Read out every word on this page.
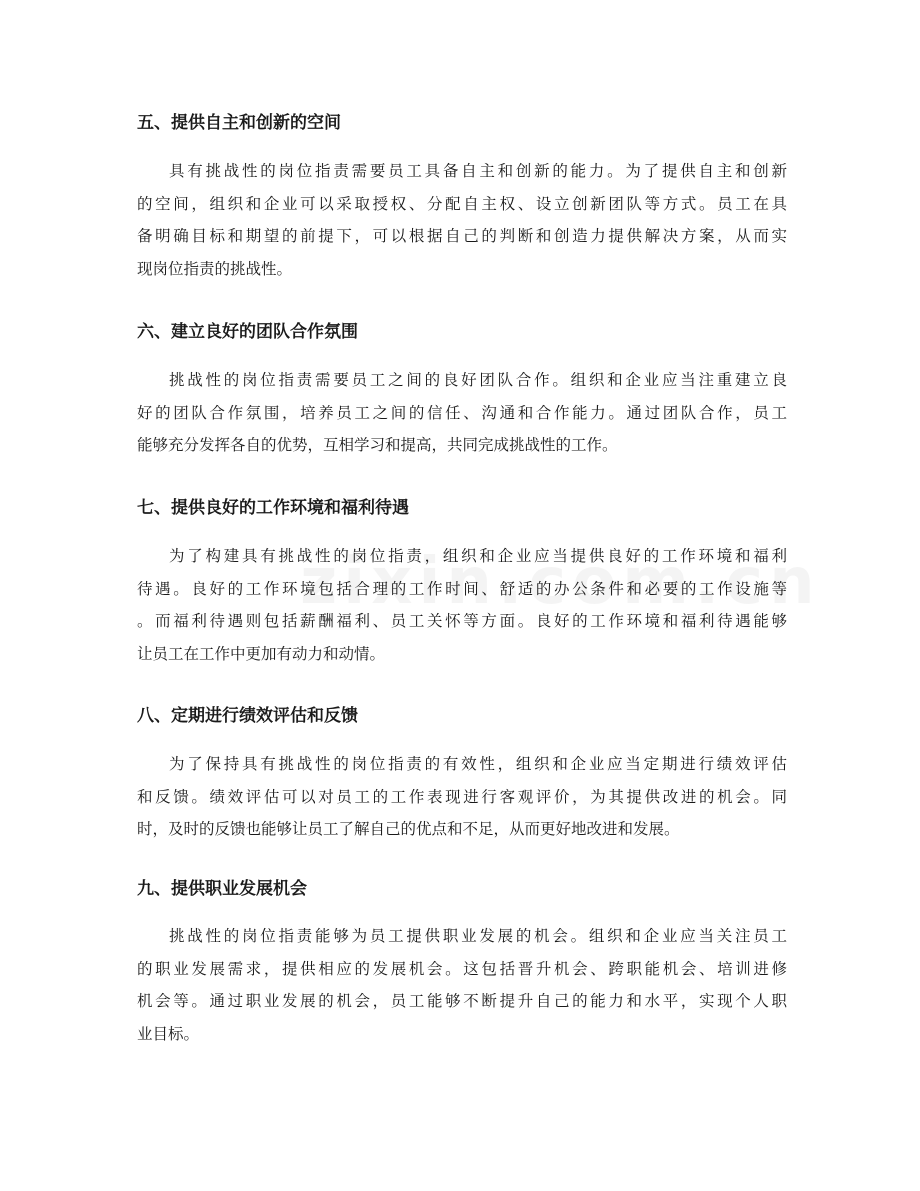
五、提供自主和创新的空间
具有挑战性的岗位指责需要员工具备自主和创新的能力。为了提供自主和创新
的空间，组织和企业可以采取授权、分配自主权、设立创新团队等方式。员工在具
备明确目标和期望的前提下，可以根据自己的判断和创造力提供解决方案，从而实
现岗位指责的挑战性。
六、建立良好的团队合作氛围
挑战性的岗位指责需要员工之间的良好团队合作。组织和企业应当注重建立良
好的团队合作氛围，培养员工之间的信任、沟通和合作能力。通过团队合作，员工
能够充分发挥各自的优势，互相学习和提高，共同完成挑战性的工作。
七、提供良好的工作环境和福利待遇
为了构建具有挑战性的岗位指责，组织和企业应当提供良好的工作环境和福利
待遇。良好的工作环境包括合理的工作时间、舒适的办公条件和必要的工作设施等
。而福利待遇则包括薪酬福利、员工关怀等方面。良好的工作环境和福利待遇能够
让员工在工作中更加有动力和动情。
八、定期进行绩效评估和反馈
为了保持具有挑战性的岗位指责的有效性，组织和企业应当定期进行绩效评估
和反馈。绩效评估可以对员工的工作表现进行客观评价，为其提供改进的机会。同
时，及时的反馈也能够让员工了解自己的优点和不足，从而更好地改进和发展。
九、提供职业发展机会
挑战性的岗位指责能够为员工提供职业发展的机会。组织和企业应当关注员工
的职业发展需求，提供相应的发展机会。这包括晋升机会、跨职能机会、培训进修
机会等。通过职业发展的机会，员工能够不断提升自己的能力和水平，实现个人职
业目标。
